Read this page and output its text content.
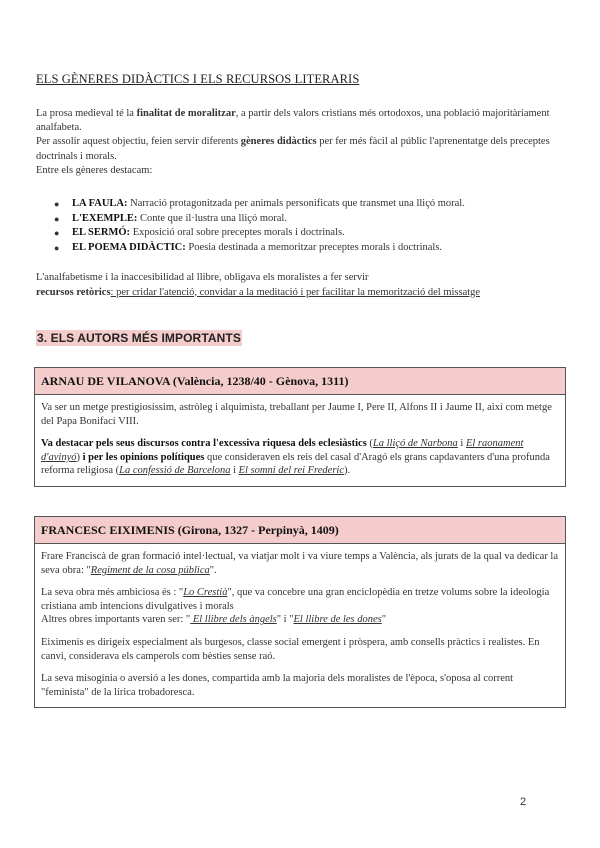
ELS GÈNERES DIDÀCTICS I ELS RECURSOS LITERARIS

La prosa medieval té la finalitat de moralitzar, a partir dels valors cristians més ortodoxos, una població majoritàriament analfabeta.

Per assolir aquest objectiu, feien servir diferents gèneres didàctics per fer més fàcil al públic l'aprenentatge dels preceptes doctrinals i morals.

Entre els gèneres destacam:

● LA FAULA: Narració protagonitzada per animals personificats que transmet una lliçó moral.
● L'EXEMPLE: Conte que il·lustra una lliçó moral.
● EL SERMÓ: Exposició oral sobre preceptes morals i doctrinals.
● EL POEMA DIDÀCTIC: Poesia destinada a memoritzar preceptes morals i doctrinals.

L'analfabetisme i la inaccesibilidad al llibre, obligava els moralistes a fer servir

recursos retòrics: per cridar l'atenció, convidar a la meditació i per facilitar la memorització del missatge

3. ELS AUTORS MÉS IMPORTANTS
ARNAU DE VILANOVA (València, 1238/40 - Gènova, 1311)

Va ser un metge prestigiosíssim, astròleg i alquimista, treballant per Jaume I, Pere II, Alfons II i Jaume II, així com metge del Papa Bonifaci VIII.

Va destacar pels seus discursos contra l'excessiva riquesa dels eclesiàstics (La lliçó de Narbona i El raonament d'avinyó) i per les opinions polítiques que consideraven els reis del casal d'Aragó els grans capdavanters d'una profunda reforma religiosa (La confessió de Barcelona i El somni del rei Frederic).

FRANCESC EIXIMENIS (Girona, 1327 - Perpinyà, 1409)

Frare Franciscà de gran formació intel·lectual, va viatjar molt i va viure temps a València, als jurats de la qual va dedicar la seva obra: "Regiment de la cosa pública".

La seva obra més ambiciosa és : "Lo Crestià", que va concebre una gran enciclopèdia en tretze volums sobre la ideologia cristiana amb intencions divulgatives i morals
Altres obres importants varen ser: " El llibre dels àngels" i "El llibre de les dones"

Eiximenis es dirigeix especialment als burgesos, classe social emergent i pròspera, amb consells pràctics i realistes. En canvi, considerava els camperols com bèsties sense raó.

La seva misogínia o aversió a les dones, compartida amb la majoria dels moralistes de l'època, s'oposa al corrent "feminista" de la lírica trobadoresca.

2
